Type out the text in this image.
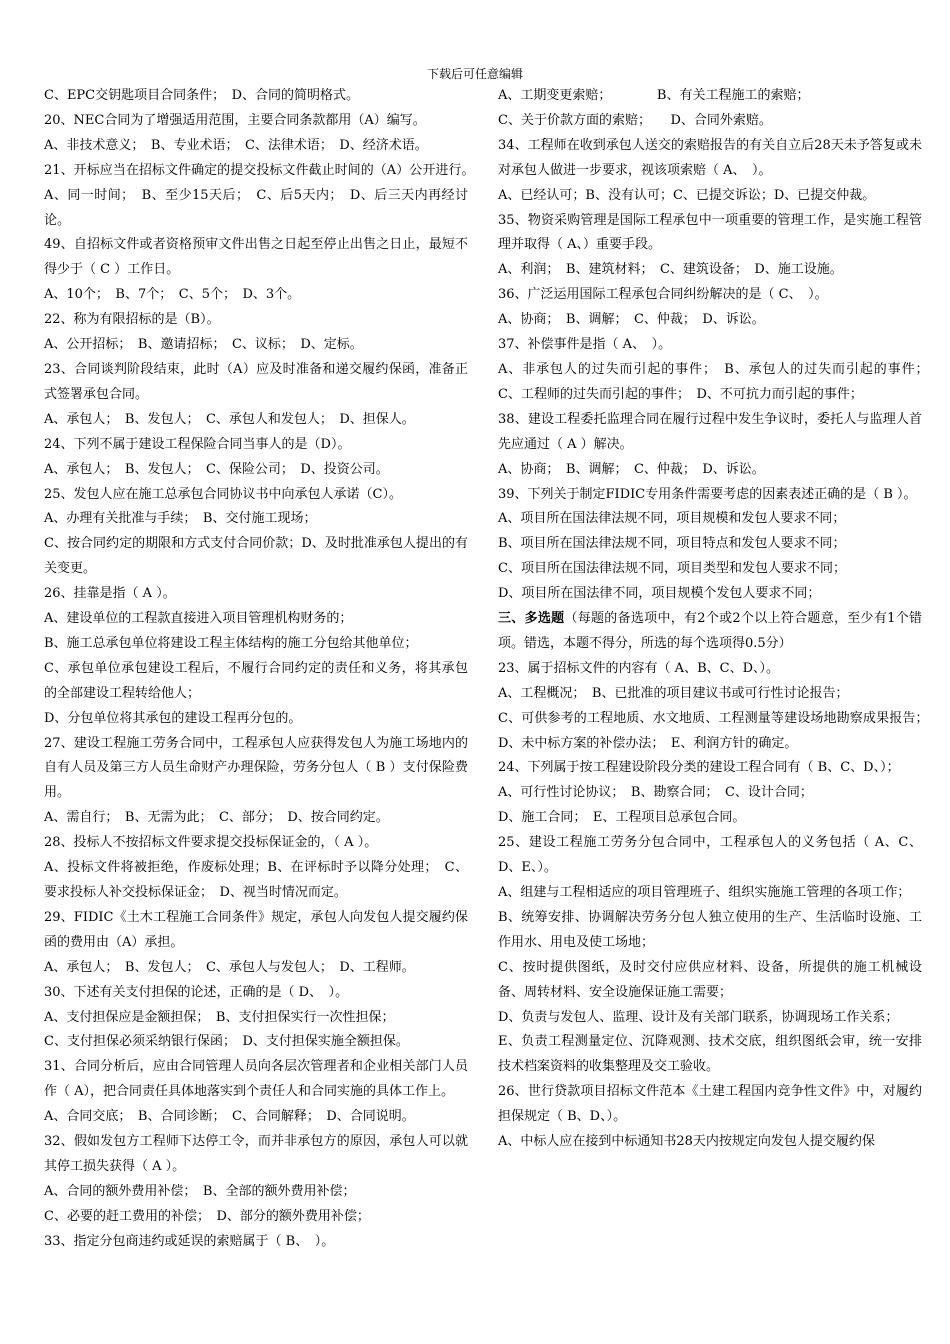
下载后可任意编辑

C、EPC交钥匙项目合同条件；　D、合同的简明格式。

20、NEC合同为了增强适用范围，主要合同条款都用（A）编写。

A、非技术意义；　B、专业术语；　C、法律术语；　D、经济术语。

21、开标应当在招标文件确定的提交投标文件截止时间的（A）公开进行。　A、同一时间；　B、至少15天后；　C、后5天内；　D、后三天内再经讨论。

49、自招标文件或者资格预审文件出售之日起至停止出售之日止，最短不得少于（ C ）工作日。

A、10个；　B、7个；　C、5个；　D、3个。

22、称为有限招标的是（B）。

A、公开招标；　B、邀请招标；　C、议标；　D、定标。

23、合同谈判阶段结束，此时（A）应及时准备和递交履约保函，准备正式签署承包合同。

A、承包人；　B、发包人；　C、承包人和发包人；　D、担保人。

24、下列不属于建设工程保险合同当事人的是（D）。

A、承包人；　B、发包人；　C、保险公司；　D、投资公司。

25、发包人应在施工总承包合同协议书中向承包人承诺（C）。

A、办理有关批准与手续；　B、交付施工现场；

C、按合同约定的期限和方式支付合同价款；D、及时批准承包人提出的有关变更。

26、挂靠是指（ A ）。

A、建设单位的工程款直接进入项目管理机构财务的；

B、施工总承包单位将建设工程主体结构的施工分包给其他单位；

C、承包单位承包建设工程后，不履行合同约定的责任和义务，将其承包的全部建设工程转给他人；

D、分包单位将其承包的建设工程再分包的。

27、建设工程施工劳务合同中，工程承包人应获得发包人为施工场地内的自有人员及第三方人员生命财产办理保险，劳务分包人（ B ）支付保险费用。

A、需自行；　B、无需为此；　C、部分；　D、按合同约定。

28、投标人不按招标文件要求提交投标保证金的，（ A ）。

A、投标文件将被拒绝，作废标处理；B、在评标时予以降分处理；　C、要求投标人补交投标保证金；　D、视当时情况而定。

29、FIDIC《土木工程施工合同条件》规定，承包人向发包人提交履约保函的费用由（A）承担。

A、承包人；　B、发包人；　C、承包人与发包人；　D、工程师。

30、下述有关支付担保的论述，正确的是（ D、　）。

A、支付担保应是金额担保；　B、支付担保实行一次性担保；

C、支付担保必须采纳银行保函；　D、支付担保实施全额担保。

31、合同分析后，应由合同管理人员向各层次管理者和企业相关部门人员作（ A），把合同责任具体地落实到个责任人和合同实施的具体工作上。

A、合同交底；　B、合同诊断；　C、合同解释；　D、合同说明。

32、假如发包方工程师下达停工令，而并非承包方的原因，承包人可以就其停工损失获得（ A ）。

A、合同的额外费用补偿；　B、全部的额外费用补偿；

C、必要的赶工费用的补偿；　D、部分的额外费用补偿；

33、指定分包商违约或延误的索赔属于（ B、　）。

A、工期变更索赔；　　　　B、有关工程施工的索赔；

C、关于价款方面的索赔；　　D、合同外索赔。

34、工程师在收到承包人送交的索赔报告的有关自立后28天未予答复或未对承包人做进一步要求，视该项索赔（ A、　）。

A、已经认可；B、没有认可；C、已提交诉讼；D、已提交仲裁。

35、物资采购管理是国际工程承包中一项重要的管理工作，是实施工程管理并取得（ A、）重要手段。

A、利润；　B、建筑材料；　C、建筑设备；　D、施工设施。

36、广泛运用国际工程承包合同纠纷解决的是（ C、　）。

A、协商；　B、调解；　C、仲裁；　D、诉讼。

37、补偿事件是指（ A、　）。

A、非承包人的过失而引起的事件；　B、承包人的过失而引起的事件；　C、工程师的过失而引起的事件；　D、不可抗力而引起的事件；

38、建设工程委托监理合同在履行过程中发生争议时，委托人与监理人首先应通过（ A ）解决。

A、协商；　B、调解；　C、仲裁；　D、诉讼。

39、下列关于制定FIDIC专用条件需要考虑的因素表述正确的是（ B ）。

A、项目所在国法律法规不同，项目规模和发包人要求不同；

B、项目所在国法律法规不同，项目特点和发包人要求不同；

C、项目所在国法律法规不同，项目类型和发包人要求不同；

D、项目所在国法律不同，项目规模个发包人要求不同；

三、多选题（每题的备选项中，有2个或2个以上符合题意，至少有1个错项。错选，本题不得分，所选的每个选项得0.5分）

23、属于招标文件的内容有（ A、B、C、D、）。

A、工程概况；　B、已批准的项目建议书或可行性讨论报告；

C、可供参考的工程地质、水文地质、工程测量等建设场地勘察成果报告；　D、未中标方案的补偿办法；　E、利润方针的确定。

24、下列属于按工程建设阶段分类的建设工程合同有（ B、C、D、）；

A、可行性讨论协议；　B、勘察合同；　C、设计合同；

D、施工合同；　E、工程项目总承包合同。

25、建设工程施工劳务分包合同中，工程承包人的义务包括（ A、C、D、E、）。

A、组建与工程相适应的项目管理班子、组织实施施工管理的各项工作；

B、统筹安排、协调解决劳务分包人独立使用的生产、生活临时设施、工作用水、用电及使工场地；

C、按时提供图纸，及时交付应供应材料、设备，所提供的施工机械设备、周转材料、安全设施保证施工需要；

D、负责与发包人、监理、设计及有关部门联系，协调现场工作关系；

E、负责工程测量定位、沉降观测、技术交底，组织图纸会审，统一安排技术档案资料的收集整理及交工验收。

26、世行贷款项目招标文件范本《土建工程国内竞争性文件》中，对履约担保规定（ B、D、）。

A、中标人应在接到中标通知书28天内按规定向发包人提交履约保
